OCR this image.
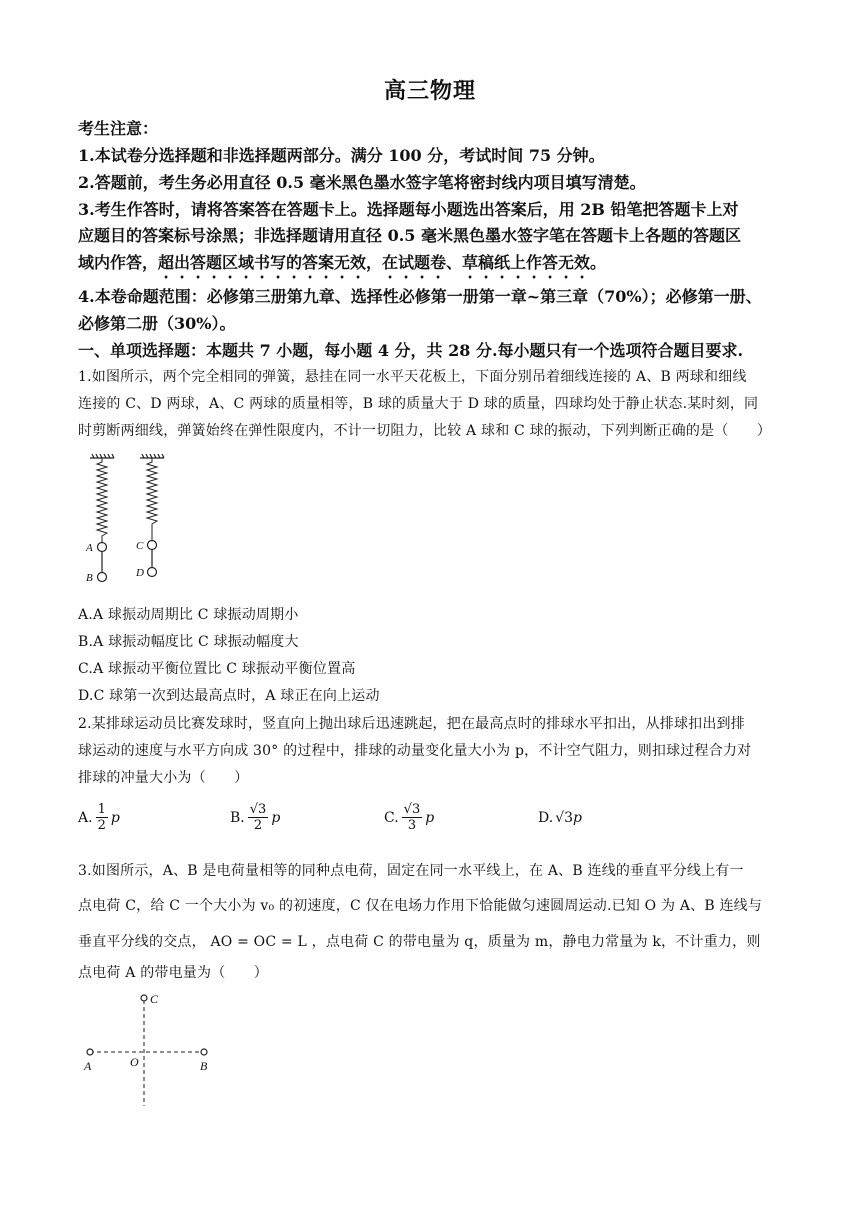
高三物理
考生注意：
1.本试卷分选择题和非选择题两部分。满分 100 分，考试时间 75 分钟。
2.答题前，考生务必用直径 0.5 毫米黑色墨水签字笔将密封线内项目填写清楚。
3.考生作答时，请将答案答在答题卡上。选择题每小题选出答案后，用 2B 铅笔把答题卡上对
应题目的答案标号涂黑；非选择题请用直径 0.5 毫米黑色墨水签字笔在答题卡上各题的答题区
域内作答，超出答题区域书写的答案无效，在试题卷、草稿纸上作答无效。
4.本卷命题范围：必修第三册第九章、选择性必修第一册第一章~第三章（70%）；必修第一册、
必修第二册（30%）。
一、单项选择题：本题共 7 小题，每小题 4 分，共 28 分.每小题只有一个选项符合题目要求.
1.如图所示，两个完全相同的弹簧，悬挂在同一水平天花板上，下面分别吊着细线连接的 A、B 两球和细线
连接的 C、D 两球，A、C 两球的质量相等，B 球的质量大于 D 球的质量，四球均处于静止状态.某时刻，同
时剪断两细线，弹簧始终在弹性限度内，不计一切阻力，比较 A 球和 C 球的振动，下列判断正确的是（　　）
A
B
C
D
A.A 球振动周期比 C 球振动周期小
B.A 球振动幅度比 C 球振动幅度大
C.A 球振动平衡位置比 C 球振动平衡位置高
D.C 球第一次到达最高点时，A 球正在向上运动
2.某排球运动员比赛发球时，竖直向上抛出球后迅速跳起，把在最高点时的排球水平扣出，从排球扣出到排
球运动的速度与水平方向成 30° 的过程中，排球的动量变化量大小为 p，不计空气阻力，则扣球过程合力对
排球的冲量大小为（　　）
A. $\frac{1}{2}$ p	B. $\frac{√3}{2}$ p	C. $\frac{√3}{3}$ p	D. √3 p
3.如图所示，A、B 是电荷量相等的同种点电荷，固定在同一水平线上，在 A、B 连线的垂直平分线上有一
点电荷 C，给 C 一个大小为 v₀ 的初速度，C 仅在电场力作用下恰能做匀速圆周运动.已知 O 为 A、B 连线与
垂直平分线的交点， AO = OC = L ，点电荷 C 的带电量为 q，质量为 m，静电力常量为 k，不计重力，则
点电荷 A 的带电量为（　　）
C
A	O	B
